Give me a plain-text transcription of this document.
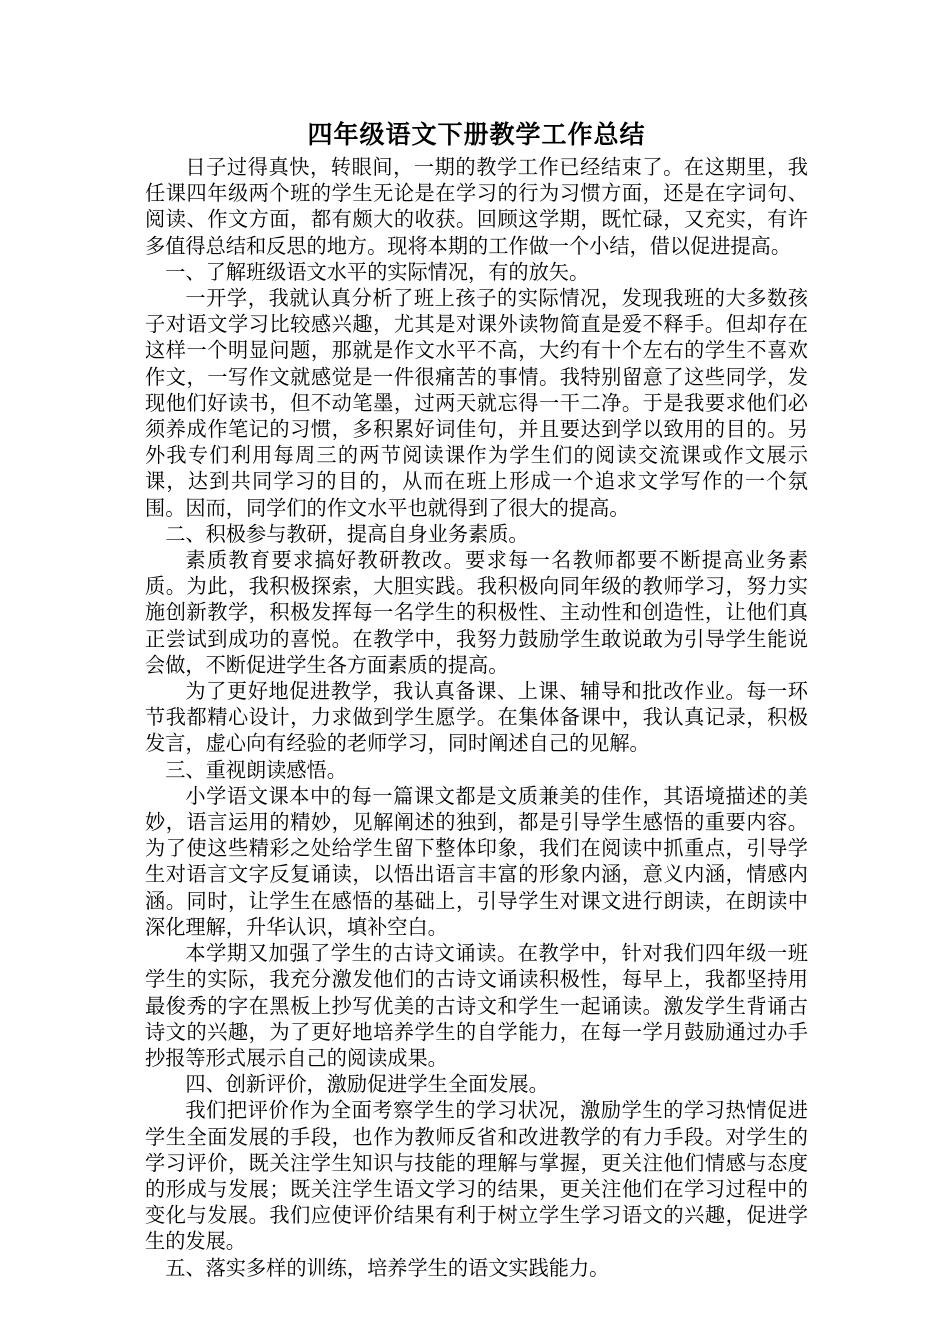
四年级语文下册教学工作总结

日子过得真快，转眼间，一期的教学工作已经结束了。在这期里，我任课四年级两个班的学生无论是在学习的行为习惯方面，还是在字词句、阅读、作文方面，都有颇大的收获。回顾这学期，既忙碌，又充实，有许多值得总结和反思的地方。现将本期的工作做一个小结，借以促进提高。

一、了解班级语文水平的实际情况，有的放矢。

一开学，我就认真分析了班上孩子的实际情况，发现我班的大多数孩子对语文学习比较感兴趣，尤其是对课外读物简直是爱不释手。但却存在这样一个明显问题，那就是作文水平不高，大约有十个左右的学生不喜欢作文，一写作文就感觉是一件很痛苦的事情。我特别留意了这些同学，发现他们好读书，但不动笔墨，过两天就忘得一干二净。于是我要求他们必须养成作笔记的习惯，多积累好词佳句，并且要达到学以致用的目的。另外我专们利用每周三的两节阅读课作为学生们的阅读交流课或作文展示课，达到共同学习的目的，从而在班上形成一个追求文学写作的一个氛围。因而，同学们的作文水平也就得到了很大的提高。

二、积极参与教研，提高自身业务素质。

素质教育要求搞好教研教改。要求每一名教师都要不断提高业务素质。为此，我积极探索，大胆实践。我积极向同年级的教师学习，努力实施创新教学，积极发挥每一名学生的积极性、主动性和创造性，让他们真正尝试到成功的喜悦。在教学中，我努力鼓励学生敢说敢为引导学生能说会做，不断促进学生各方面素质的提高。

为了更好地促进教学，我认真备课、上课、辅导和批改作业。每一环节我都精心设计，力求做到学生愿学。在集体备课中，我认真记录，积极发言，虚心向有经验的老师学习，同时阐述自己的见解。

三、重视朗读感悟。

小学语文课本中的每一篇课文都是文质兼美的佳作，其语境描述的美妙，语言运用的精妙，见解阐述的独到，都是引导学生感悟的重要内容。为了使这些精彩之处给学生留下整体印象，我们在阅读中抓重点，引导学生对语言文字反复诵读，以悟出语言丰富的形象内涵，意义内涵，情感内涵。同时，让学生在感悟的基础上，引导学生对课文进行朗读，在朗读中深化理解，升华认识，填补空白。

本学期又加强了学生的古诗文诵读。在教学中，针对我们四年级一班学生的实际，我充分激发他们的古诗文诵读积极性，每早上，我都坚持用最俊秀的字在黑板上抄写优美的古诗文和学生一起诵读。激发学生背诵古诗文的兴趣，为了更好地培养学生的自学能力，在每一学月鼓励通过办手抄报等形式展示自己的阅读成果。

四、创新评价，激励促进学生全面发展。

我们把评价作为全面考察学生的学习状况，激励学生的学习热情促进学生全面发展的手段，也作为教师反省和改进教学的有力手段。对学生的学习评价，既关注学生知识与技能的理解与掌握，更关注他们情感与态度的形成与发展；既关注学生语文学习的结果，更关注他们在学习过程中的变化与发展。我们应使评价结果有利于树立学生学习语文的兴趣，促进学生的发展。

五、落实多样的训练，培养学生的语文实践能力。
